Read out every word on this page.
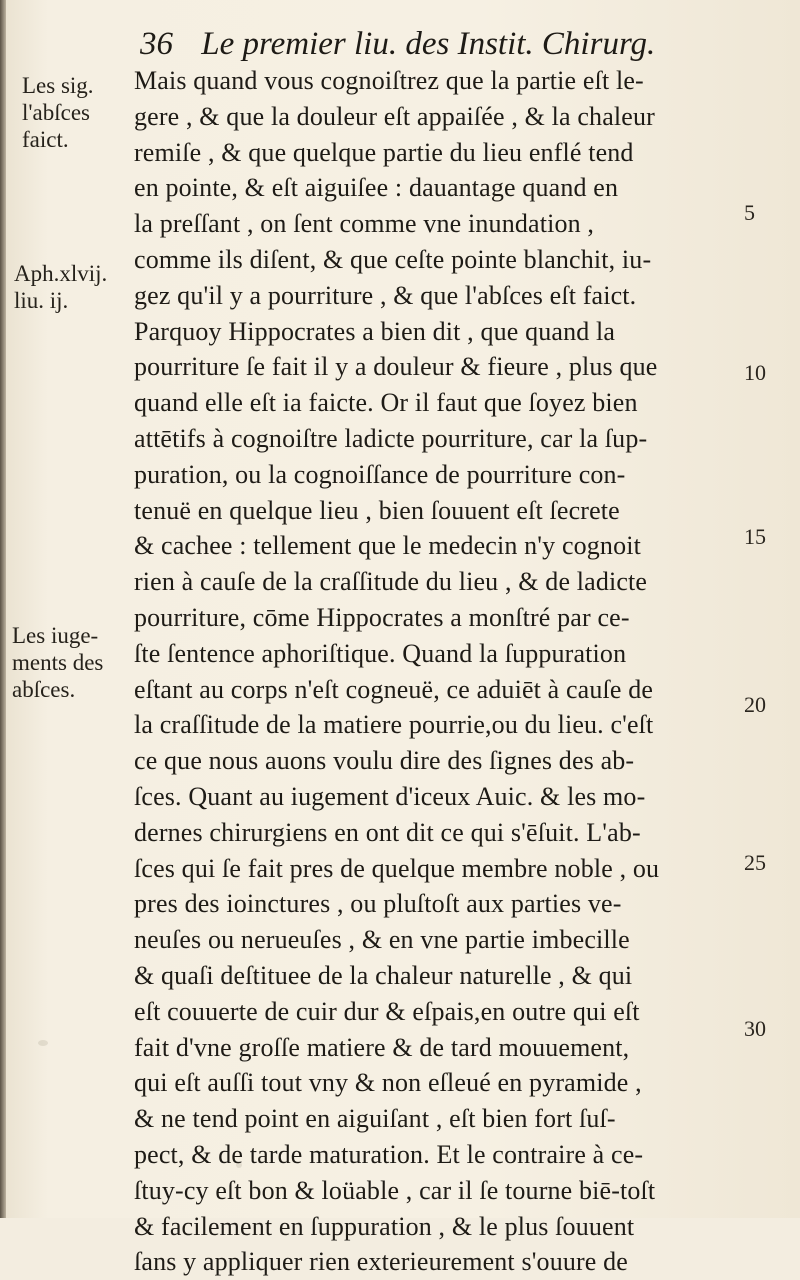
36 Le premier liu. des Instit. Chirurg.
Les sig.
l'abſces
faict.
Aph.xlvij.
liu. ij.
Les iuge-
ments des
abſces.
5
10
15
20
25
30
Mais quand vous cognoiſtrez que la partie eſt le-
gere , & que la douleur eſt appaiſée , & la chaleur
remiſe , & que quelque partie du lieu enflé tend
en pointe, & eſt aiguiſee : dauantage quand en
la preſſant , on ſent comme vne inundation ,
comme ils diſent, & que ceſte pointe blanchit, iu-
gez qu'il y a pourriture , & que l'abſces eſt faict.
Parquoy Hippocrates a bien dit , que quand la
pourriture ſe fait il y a douleur & fieure , plus que
quand elle eſt ia faicte. Or il faut que ſoyez bien
attētifs à cognoiſtre ladicte pourriture, car la ſup-
puration, ou la cognoiſſance de pourriture con-
tenuë en quelque lieu , bien ſouuent eſt ſecrete
& cachee : tellement que le medecin n'y cognoit
rien à cauſe de la craſſitude du lieu , & de ladicte
pourriture, cōme Hippocrates a monſtré par ce-
ſte ſentence aphoriſtique. Quand la ſuppuration
eſtant au corps n'eſt cogneuë, ce aduiēt à cauſe de
la craſſitude de la matiere pourrie,ou du lieu. c'eſt
ce que nous auons voulu dire des ſignes des ab-
ſces. Quant au iugement d'iceux Auic. & les mo-
dernes chirurgiens en ont dit ce qui s'ēſuit. L'ab-
ſces qui ſe fait pres de quelque membre noble , ou
pres des ioinctures , ou pluſtoſt aux parties ve-
neuſes ou nerueuſes , & en vne partie imbecille
& quaſi deſtituee de la chaleur naturelle , & qui
eſt couuerte de cuir dur & eſpais,en outre qui eſt
fait d'vne groſſe matiere & de tard mouuement,
qui eſt auſſi tout vny & non eſleué en pyramide ,
& ne tend point en aiguiſant , eſt bien fort ſuſ-
pect, & de tarde maturation. Et le contraire à ce-
ſtuy-cy eſt bon & loüable , car il ſe tourne biē-toſt
& facilement en ſuppuration , & le plus ſouuent
ſans y appliquer rien exterieurement s'ouure de
